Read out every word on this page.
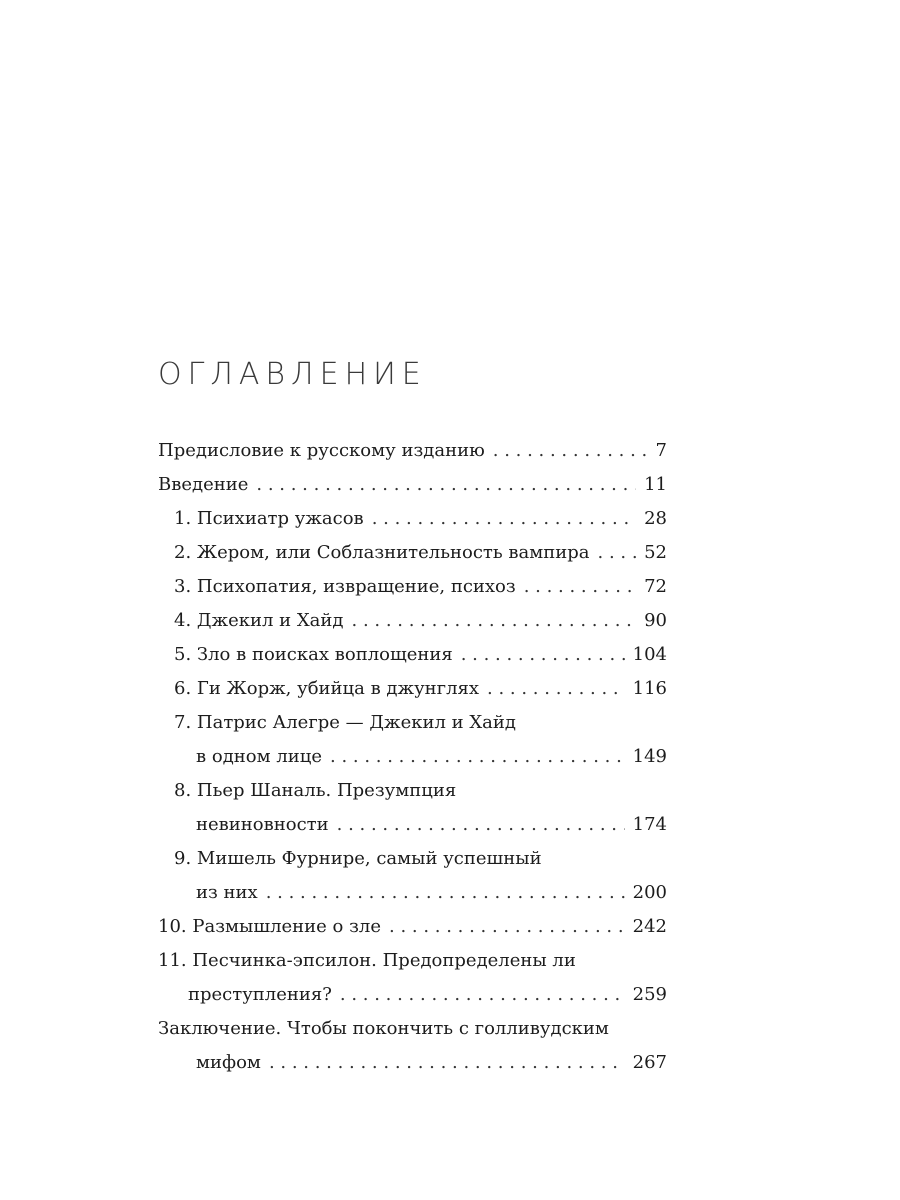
ОГЛАВЛЕНИЕ
Предисловие к русскому изданию . . .	7
Введение . . .	11
1. Психиатр ужасов . . .	28
2. Жером, или Соблазнительность вампира . . .	52
3. Психопатия, извращение, психоз . . .	72
4. Джекил и Хайд . . .	90
5. Зло в поисках воплощения . . .	104
6. Ги Жорж, убийца в джунглях . . .	116
7. Патрис Алегре — Джекил и Хайд
в одном лице . . .	149
8. Пьер Шаналь. Презумпция
невиновности . . .	174
9. Мишель Фурнире, самый успешный
из них . . .	200
10. Размышление о зле . . .	242
11. Песчинка-эпсилон. Предопределены ли
преступления? . . .	259
Заключение. Чтобы покончить с голливудским
мифом . . .	267
